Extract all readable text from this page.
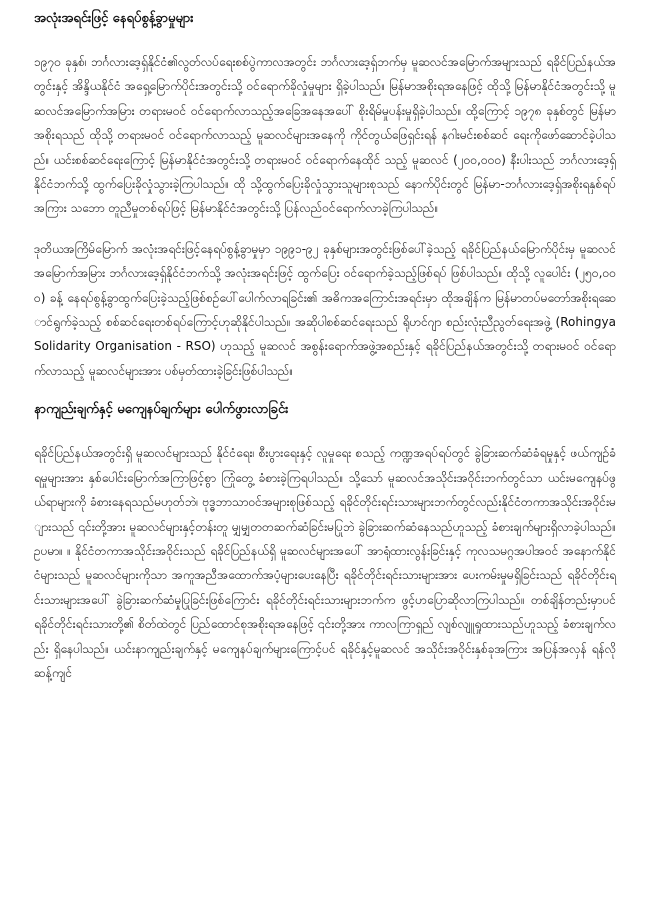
အလုံးအရင်းဖြင့် နေရပ်စွန့်ခွာမှုများ

၁၉၇၀ ခုနှစ်၊ ဘင်္ဂလားဒေ့ရှ်နိုင်ငံ၏လွတ်လပ်ရေးစစ်ပွဲကာလအတွင်း ဘင်္ဂလားဒေ့ရှ်ဘက်မှ မူဆလင်အမြောက်အများသည် ရခိုင်ပြည်နယ်အတွင်းနှင့် အိန္ဒိယနိုင်ငံ အရှေ့မြောက်ပိုင်းအတွင်းသို့ ဝင်ရောက်ခိုလှုံမှုများ ရှိခဲ့ပါသည်။ မြန်မာအစိုးရအနေဖြင့် ထိုသို့ မြန်မာနိုင်ငံအတွင်းသို့ မူဆလင်အမြောက်အမြား တရားမဝင် ဝင်ရောက်လာသည့်အခြေအနေအပေါ် စိုးရိမ်မှုပန်းမှုရှိခဲ့ပါသည်။ ထို့ကြောင့် ၁၉၇၈ ခုနှစ်တွင် မြန်မာအစိုးရသည် ထိုသို့ တရားမဝင် ဝင်ရောက်လာသည့် မူဆလင်များအနေကို ကိုင်တွယ်ဖြေရှင်းရန် နဂါးမင်းစစ်ဆင် ရေးကိုဖော်ဆောင်ခဲ့ပါသည်။ ယင်းစစ်ဆင်ရေးကြောင့် မြန်မာနိုင်ငံအတွင်းသို့ တရားမဝင် ဝင်ရောက်နေထိုင် သည့် မူဆလင် (၂၀၀,၀၀၀) နီးပါးသည် ဘင်္ဂလားဒေ့ရှ်နိုင်ငံဘက်သို့ ထွက်ပြေးခိုလှုံသွားခဲ့ကြပါသည်။ ထို သို့ထွက်ပြေးခိုလှုံသွားသူများစုသည် နောက်ပိုင်းတွင် မြန်မာ-ဘင်္ဂလားဒေ့ရှ်အစိုးရနှစ်ရပ်အကြား သဘော တူညီမှုတစ်ရပ်ဖြင့် မြန်မာနိုင်ငံအတွင်းသို့ ပြန်လည်ဝင်ရောက်လာခဲ့ကြပါသည်။

ဒုတိယအကြိမ်မြောက် အလုံးအရင်းဖြင့်နေရပ်စွန့်ခွာမှုမှာ ၁၉၉၁-၉၂ ခုနှစ်များအတွင်းဖြစ်ပေါ်ခဲ့သည့် ရခိုင်ပြည်နယ်မြောက်ပိုင်းမှ မူဆလင်အမြောက်အမြား ဘင်္ဂလားဒေ့ရှ်နိုင်ငံဘက်သို့ အလုံးအရင်းဖြင့် ထွက်ပြေး ဝင်ရောက်ခဲ့သည့်ဖြစ်ရပ် ဖြစ်ပါသည်။ ထိုသို့ လူပေါင်း (၂၅၀,၀၀၀) ခန့် နေရပ်စွန့်ခွာထွက်ပြေးခဲ့သည့်ဖြစ်စဉ်ပေါ်ပေါက်လာရခြင်း၏ အဓိကအကြောင်းအရင်းမှာ ထိုအချိန်က မြန်မာတပ်မတော်အစိုးရဆောင်ရွက်ခဲ့သည့် စစ်ဆင်ရေးတစ်ရပ်ကြောင့်ဟုဆိုနိုင်ပါသည်။ အဆိုပါစစ်ဆင်ရေးသည် ရိုဟင်ဂျာ စည်းလုံးညီညွတ်ရေးအဖွဲ့ (Rohingya Solidarity Organisation - RSO) ဟုသည့် မူဆလင် အစွန်းရောက်အဖွဲ့အစည်းနှင့် ရခိုင်ပြည်နယ်အတွင်းသို့ တရားမဝင် ဝင်ရောက်လာသည့် မူဆလင်များအား ပစ်မှတ်ထားခဲ့ခြင်းဖြစ်ပါသည်။

နာကျည်းချက်နှင့် မကျေနပ်ချက်များ ပေါက်ဖွားလာခြင်း

ရခိုင်ပြည်နယ်အတွင်းရှိ မူဆလင်များသည် နိုင်ငံရေး၊ စီးပွားရေးနှင့် လူမှုရေး စသည့် ကဏ္ဍအရပ်ရပ်တွင် ခွဲခြားဆက်ဆံခံရမှုနှင့် ဖယ်ကျဉ်ခံရမှုများအား နှစ်ပေါင်းမြောက်အကြာဖြင့်စွာ ကြုံတွေ့ ခံစားခဲ့ကြရပါသည်။ သို့သော် မူဆလင်အသိုင်းအဝိုင်းဘက်တွင်သာ ယင်းမကျေနပ်ဖွယ်ရာများကို ခံစားနေရသည်မဟုတ်ဘဲ၊ ဗုဒ္ဓဘာသာဝင်အများစုဖြစ်သည့် ရခိုင်တိုင်းရင်းသားများဘက်တွင်လည်းနိုင်ငံတကာအသိုင်းအဝိုင်းများသည် ၎င်းတို့အား မူဆလင်များနှင့်တန်းတူ မျှမျှတတဆက်ဆံခြင်းမပြုဘဲ ခွဲခြားဆက်ဆံနေသည်ဟူသည့် ခံစားချက်များရှိလာခဲ့ပါသည်။ ဥပမာ။ ။ နိုင်ငံတကာအသိုင်းအဝိုင်းသည် ရခိုင်ပြည်နယ်ရှိ မူဆလင်များအပေါ် အာရုံထားလွန်းခြင်းနှင့် ကုလသမဂ္ဂအပါအဝင် အနောက်နိုင်ငံများသည် မူဆလင်များကိုသာ အကူအညီအထောက်အပံ့များပေးနေပြီး ရခိုင်တိုင်းရင်းသားများအား ပေးကမ်းမှုမရှိခြင်းသည် ရခိုင်တိုင်းရင်းသားများအပေါ် ခွဲခြားဆက်ဆံမှုပြုခြင်းဖြစ်ကြောင်း ရခိုင်တိုင်းရင်းသားများဘက်က ဖွင့်ဟပြောဆိုလာကြပါသည်။ တစ်ချိန်တည်းမှာပင် ရခိုင်တိုင်းရင်းသားတို့၏ စိတ်ထဲတွင် ပြည်ထောင်စုအစိုးရအနေဖြင့် ၎င်းတို့အား ကာလကြာရှည် လျစ်လျူရှုထားသည်ဟူသည့် ခံစားချက်လည်း ရှိနေပါသည်။ ယင်းနာကျည်းချက်နှင့် မကျေနပ်ချက်များကြောင့်ပင် ရခိုင်နှင့်မူဆလင် အသိုင်းအဝိုင်းနှစ်ခုအကြား အပြန်အလှန် ရန်လိုဆန့်ကျင်
